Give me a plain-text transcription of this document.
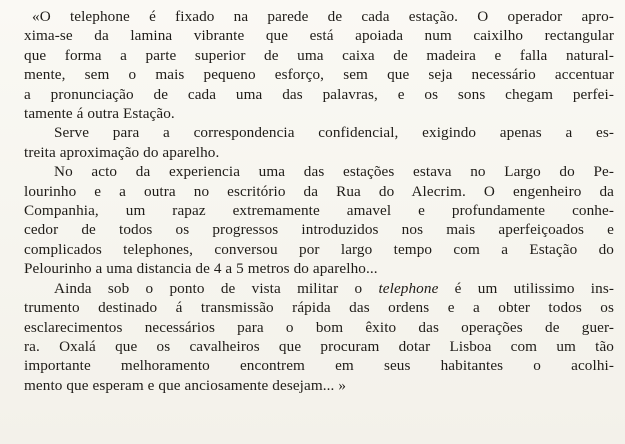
«O telephone é fixado na parede de cada estação. O operador apro-
xima-se da lamina vibrante que está apoiada num caixilho rectangular
que forma a parte superior de uma caixa de madeira e falla natural-
mente, sem o mais pequeno esforço, sem que seja necessário accentuar
a pronunciação de cada uma das palavras, e os sons chegam perfei-
tamente á outra Estação.
Serve para a correspondencia confidencial, exigindo apenas a es-
treita aproximação do aparelho.
No acto da experiencia uma das estações estava no Largo do Pe-
lourinho e a outra no escritório da Rua do Alecrim. O engenheiro da
Companhia, um rapaz extremamente amavel e profundamente conhe-
cedor de todos os progressos introduzidos nos mais aperfeiçoados e
complicados telephones, conversou por largo tempo com a Estação do
Pelourinho a uma distancia de 4 a 5 metros do aparelho...
Ainda sob o ponto de vista militar o telephone é um utilissimo ins-
trumento destinado á transmissão rápida das ordens e a obter todos os
esclarecimentos necessários para o bom êxito das operações de guer-
ra. Oxalá que os cavalheiros que procuram dotar Lisboa com um tão
importante melhoramento encontrem em seus habitantes o acolhi-
mento que esperam e que anciosamente desejam... »
